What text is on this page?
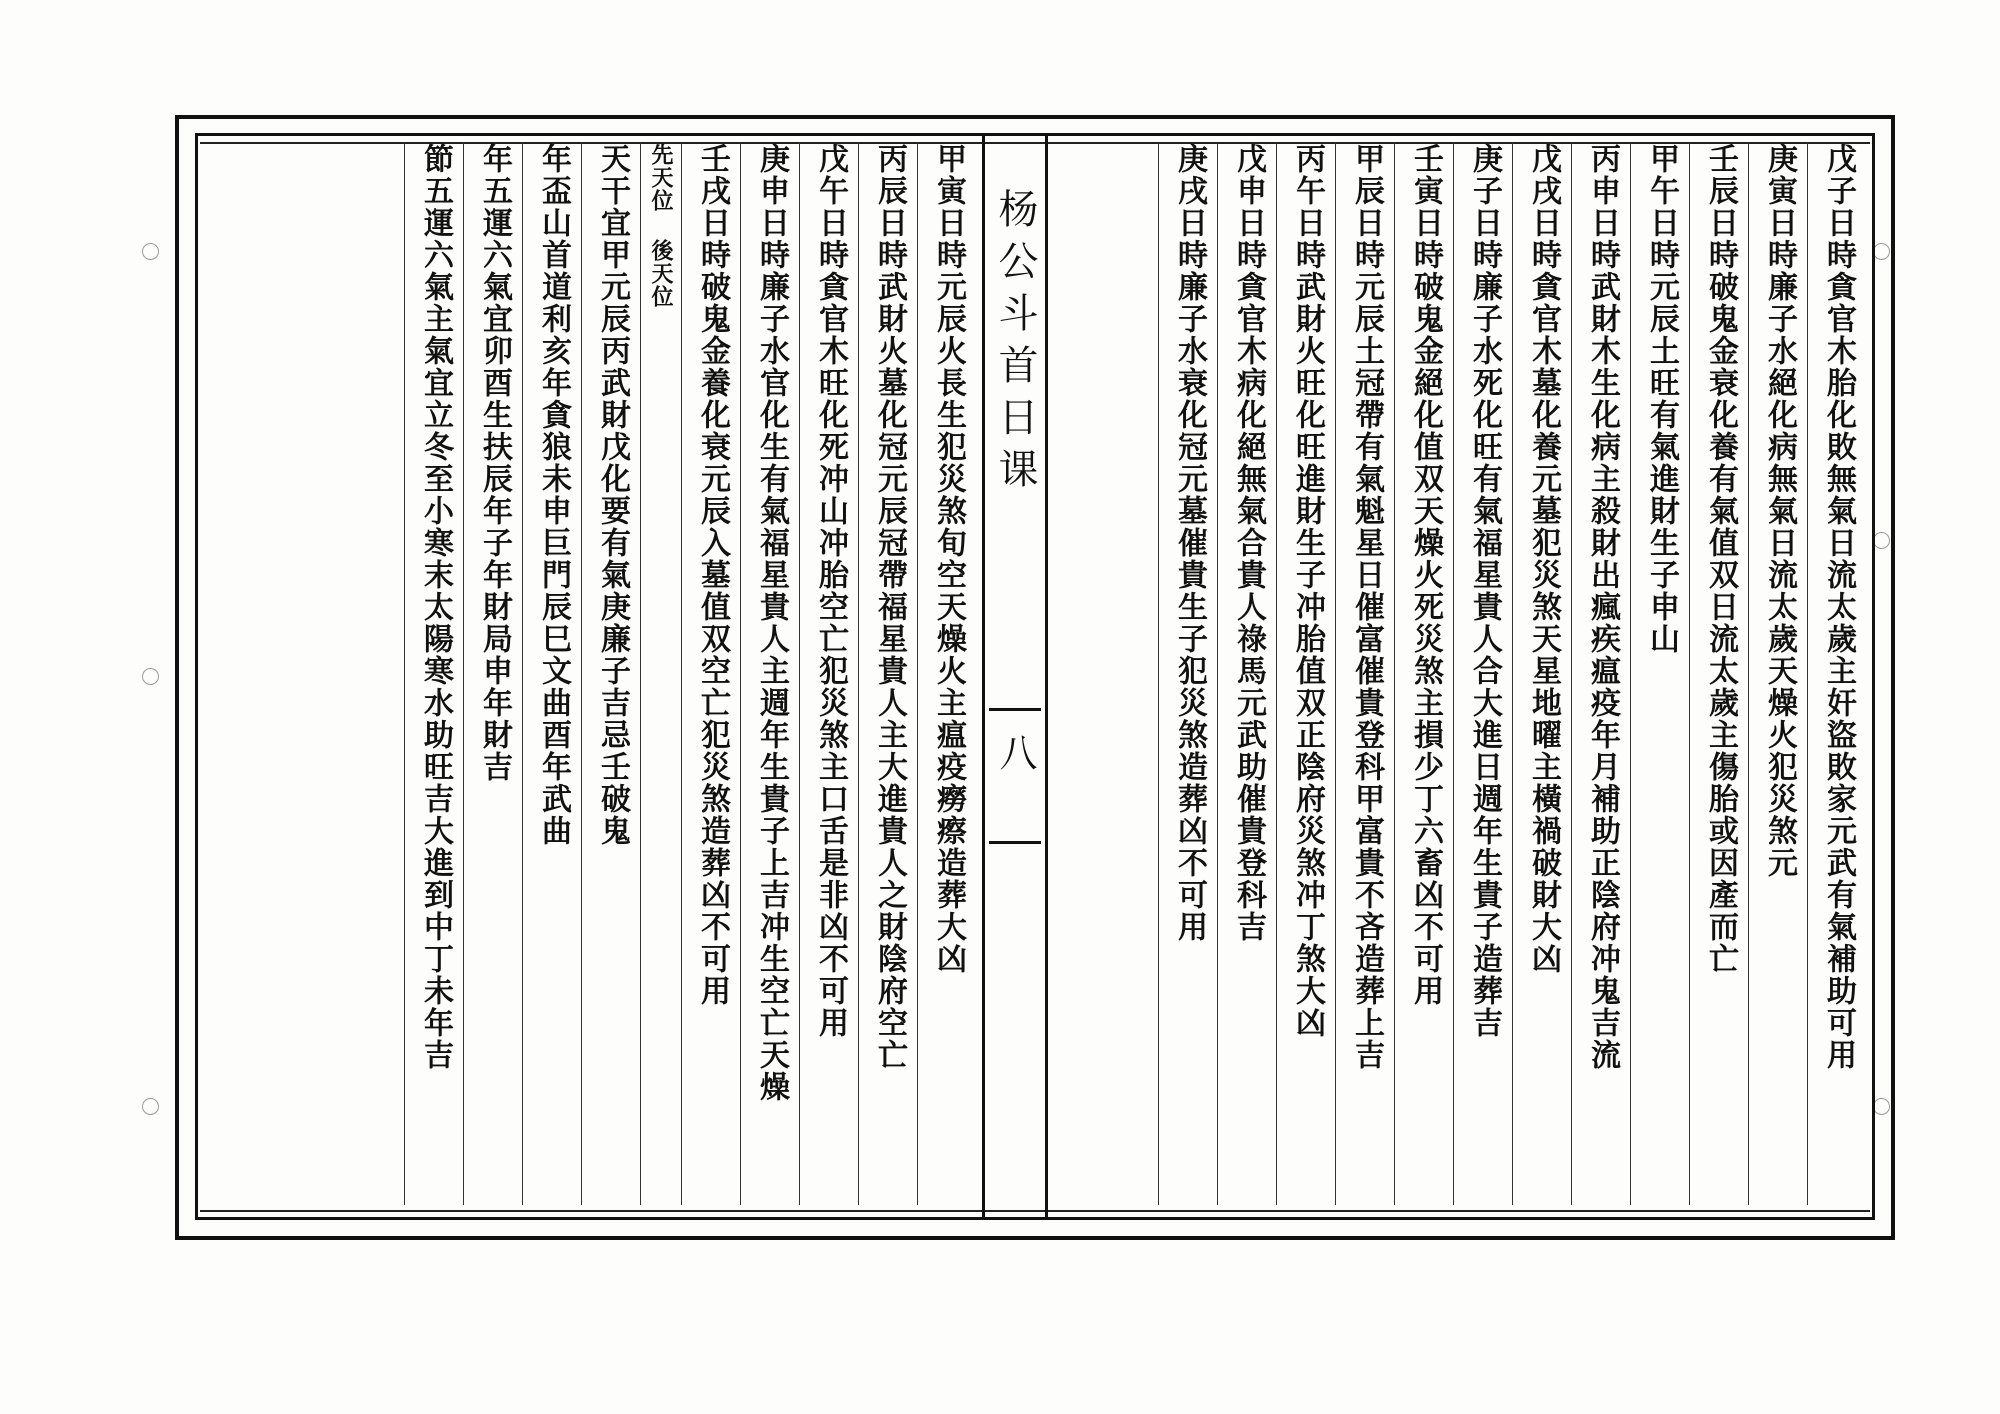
杨公斗首日课
八	戊子日時貪官木胎化敗無氣日流太歲主奸盜敗家元武有氣補助可用
庚寅日時廉子水絕化病無氣日流太歲天燥火犯災煞元
壬辰日時破鬼金衰化養有氣值双日流太歲主傷胎或因產而亡
甲午日時元辰土旺有氣進財生子申山
丙申日時武財木生化病主殺財出瘋疾瘟疫年月補助正陰府冲鬼吉流
戊戌日時貪官木墓化養元墓犯災煞天星地曜主橫禍破財大凶
庚子日時廉子水死化旺有氣福星貴人合大進日週年生貴子造葬吉
壬寅日時破鬼金絕化值双天燥火死災煞主損少丁六畜凶不可用
甲辰日時元辰土冠帶有氣魁星日催富催貴登科甲富貴不吝造葬上吉
丙午日時武財火旺化旺進財生子冲胎值双正陰府災煞冲丁煞大凶
戊申日時貪官木病化絕無氣合貴人祿馬元武助催貴登科吉
庚戌日時廉子水衰化冠元墓催貴生子犯災煞造葬凶不可用
甲寅日時元辰火長生犯災煞旬空天燥火主瘟疫癆瘵造葬大凶
丙辰日時武財火墓化冠元辰冠帶福星貴人主大進貴人之財陰府空亡
戊午日時貪官木旺化死冲山冲胎空亡犯災煞主口舌是非凶不可用
庚申日時廉子水官化生有氣福星貴人主週年生貴子上吉冲生空亡天燥
壬戌日時破鬼金養化衰元辰入墓值双空亡犯災煞造葬凶不可用
先天位 後天位
天干宜甲元辰丙武財戊化要有氣庚廉子吉忌壬破鬼
年盃山首道利亥年貪狼未申巨門辰巳文曲酉年武曲
年五運六氣宜卯酉生扶辰年子年財局申年財吉
節五運六氣主氣宜立冬至小寒末太陽寒水助旺吉大進到中丁未年吉
